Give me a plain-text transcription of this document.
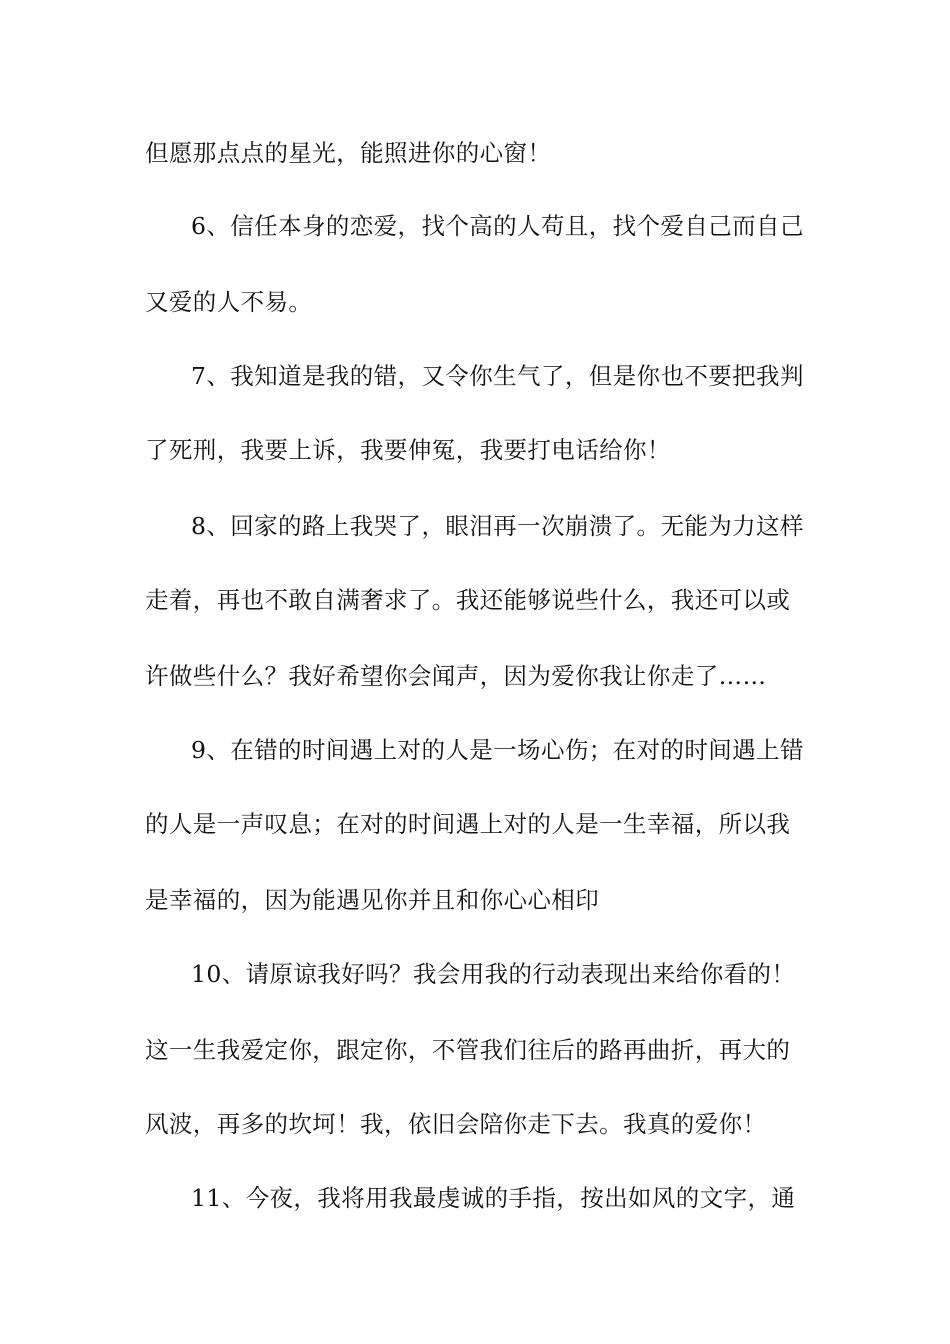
但愿那点点的星光，能照进你的心窗！
6、信任本身的恋爱，找个高的人苟且，找个爱自己而自己
又爱的人不易。
7、我知道是我的错，又令你生气了，但是你也不要把我判
了死刑，我要上诉，我要伸冤，我要打电话给你！
8、回家的路上我哭了，眼泪再一次崩溃了。无能为力这样
走着，再也不敢自满奢求了。我还能够说些什么，我还可以或
许做些什么？我好希望你会闻声，因为爱你我让你走了……
9、在错的时间遇上对的人是一场心伤；在对的时间遇上错
的人是一声叹息；在对的时间遇上对的人是一生幸福，所以我
是幸福的，因为能遇见你并且和你心心相印
10、请原谅我好吗？我会用我的行动表现出来给你看的！
这一生我爱定你，跟定你，不管我们往后的路再曲折，再大的
风波，再多的坎坷！我，依旧会陪你走下去。我真的爱你！
11、今夜，我将用我最虔诚的手指，按出如风的文字，通
